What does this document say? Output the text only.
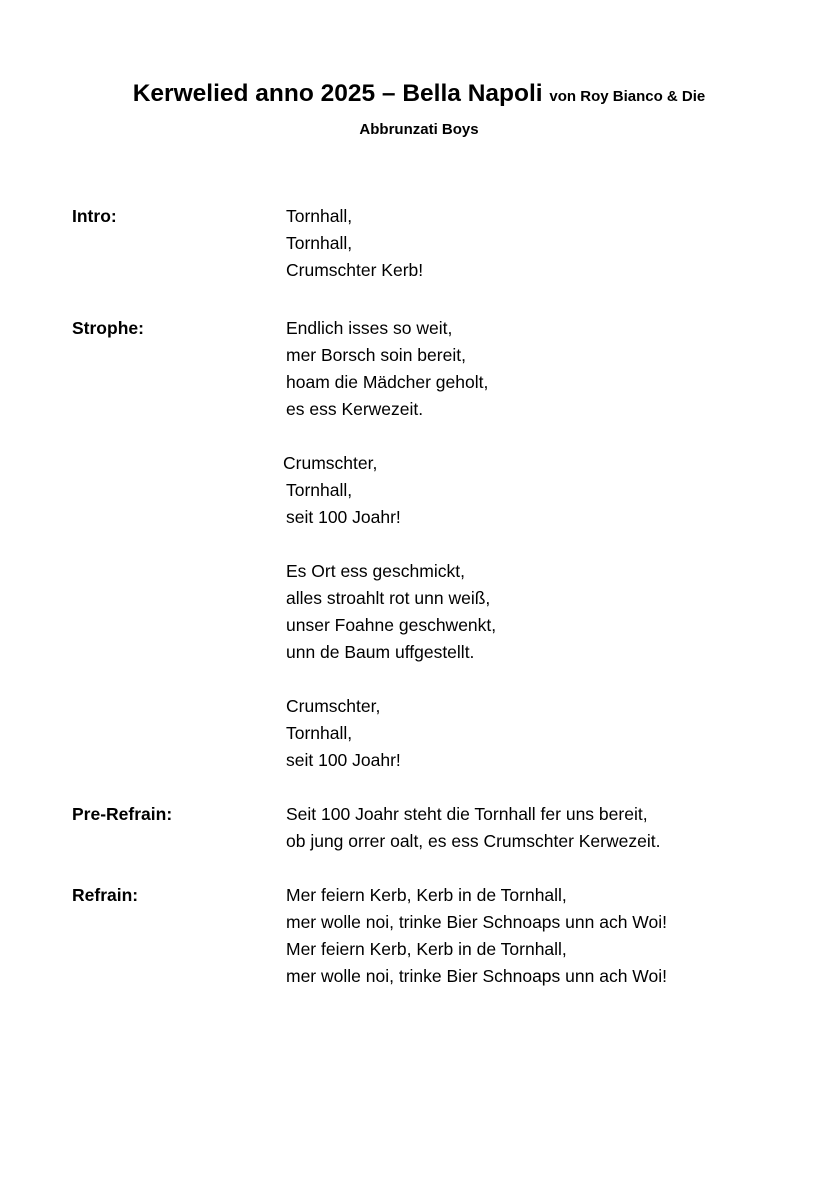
Kerwelied anno 2025 – Bella Napoli von Roy Bianco & Die
Abbrunzati Boys
Intro:	Tornhall,
Tornhall,
Crumschter Kerb!
Strophe:	Endlich isses so weit,
mer Borsch soin bereit,
hoam die Mädcher geholt,
es ess Kerwezeit.
Crumschter,
Tornhall,
seit 100 Joahr!
Es Ort ess geschmickt,
alles stroahlt rot unn weiß,
unser Foahne geschwenkt,
unn de Baum uffgestellt.
Crumschter,
Tornhall,
seit 100 Joahr!
Pre-Refrain:	Seit 100 Joahr steht die Tornhall fer uns bereit,
ob jung orrer oalt, es ess Crumschter Kerwezeit.
Refrain:	Mer feiern Kerb, Kerb in de Tornhall,
mer wolle noi, trinke Bier Schnoaps unn ach Woi!
Mer feiern Kerb, Kerb in de Tornhall,
mer wolle noi, trinke Bier Schnoaps unn ach Woi!
